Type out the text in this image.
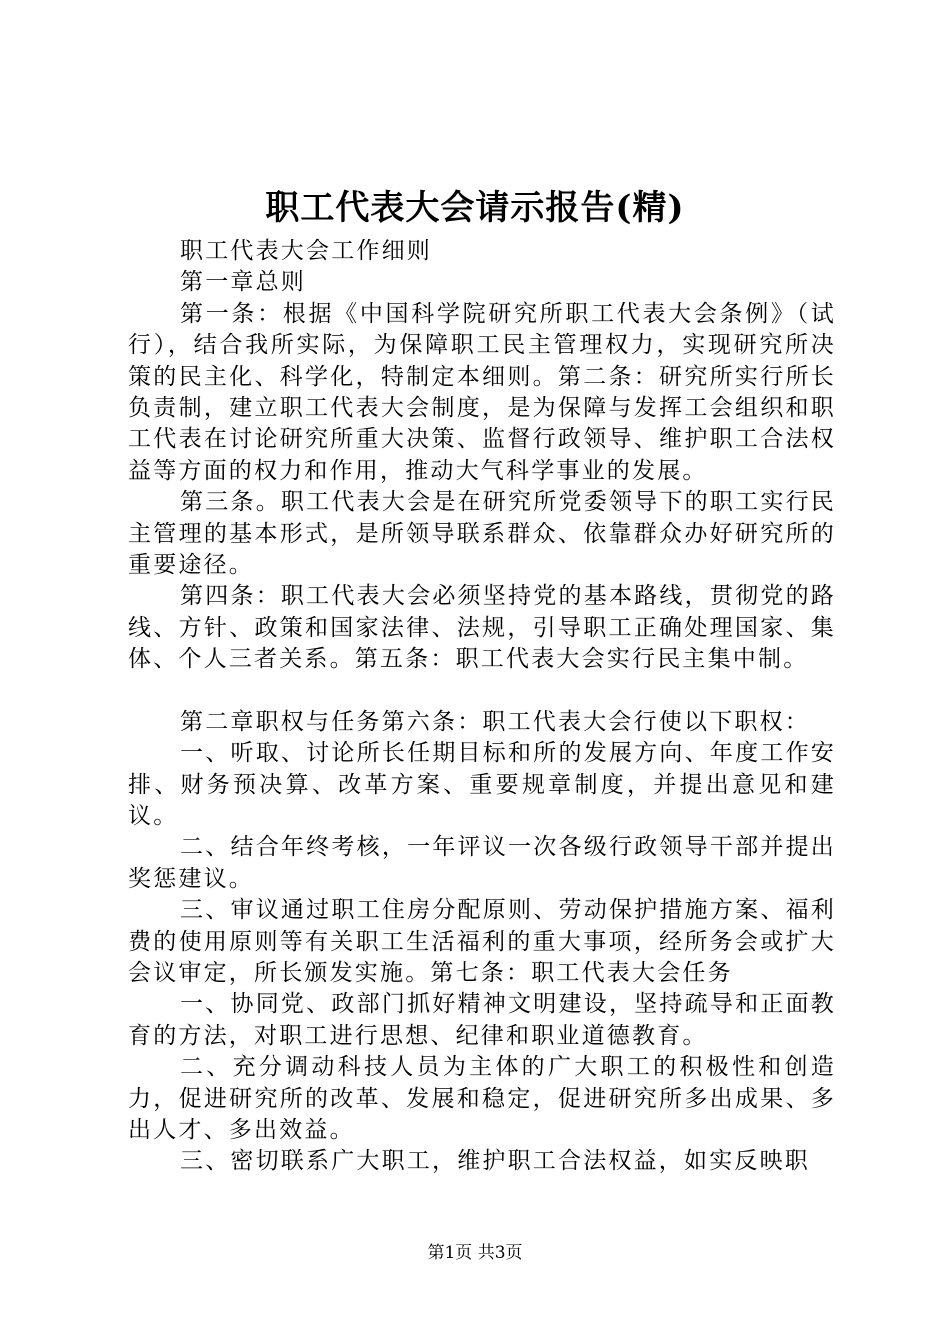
职工代表大会请示报告(精)

职工代表大会工作细则

第一章总则

第一条：根据《中国科学院研究所职工代表大会条例》（试行），结合我所实际，为保障职工民主管理权力，实现研究所决策的民主化、科学化，特制定本细则。第二条：研究所实行所长负责制，建立职工代表大会制度，是为保障与发挥工会组织和职工代表在讨论研究所重大决策、监督行政领导、维护职工合法权益等方面的权力和作用，推动大气科学事业的发展。

第三条。职工代表大会是在研究所党委领导下的职工实行民主管理的基本形式，是所领导联系群众、依靠群众办好研究所的重要途径。

第四条：职工代表大会必须坚持党的基本路线，贯彻党的路线、方针、政策和国家法律、法规，引导职工正确处理国家、集体、个人三者关系。第五条：职工代表大会实行民主集中制。

第二章职权与任务第六条：职工代表大会行使以下职权：

一、听取、讨论所长任期目标和所的发展方向、年度工作安排、财务预决算、改革方案、重要规章制度，并提出意见和建议。

二、结合年终考核，一年评议一次各级行政领导干部并提出奖惩建议。

三、审议通过职工住房分配原则、劳动保护措施方案、福利费的使用原则等有关职工生活福利的重大事项，经所务会或扩大会议审定，所长颁发实施。第七条：职工代表大会任务

一、协同党、政部门抓好精神文明建设，坚持疏导和正面教育的方法，对职工进行思想、纪律和职业道德教育。

二、充分调动科技人员为主体的广大职工的积极性和创造力，促进研究所的改革、发展和稳定，促进研究所多出成果、多出人才、多出效益。

三、密切联系广大职工，维护职工合法权益，如实反映职

第1页 共3页
